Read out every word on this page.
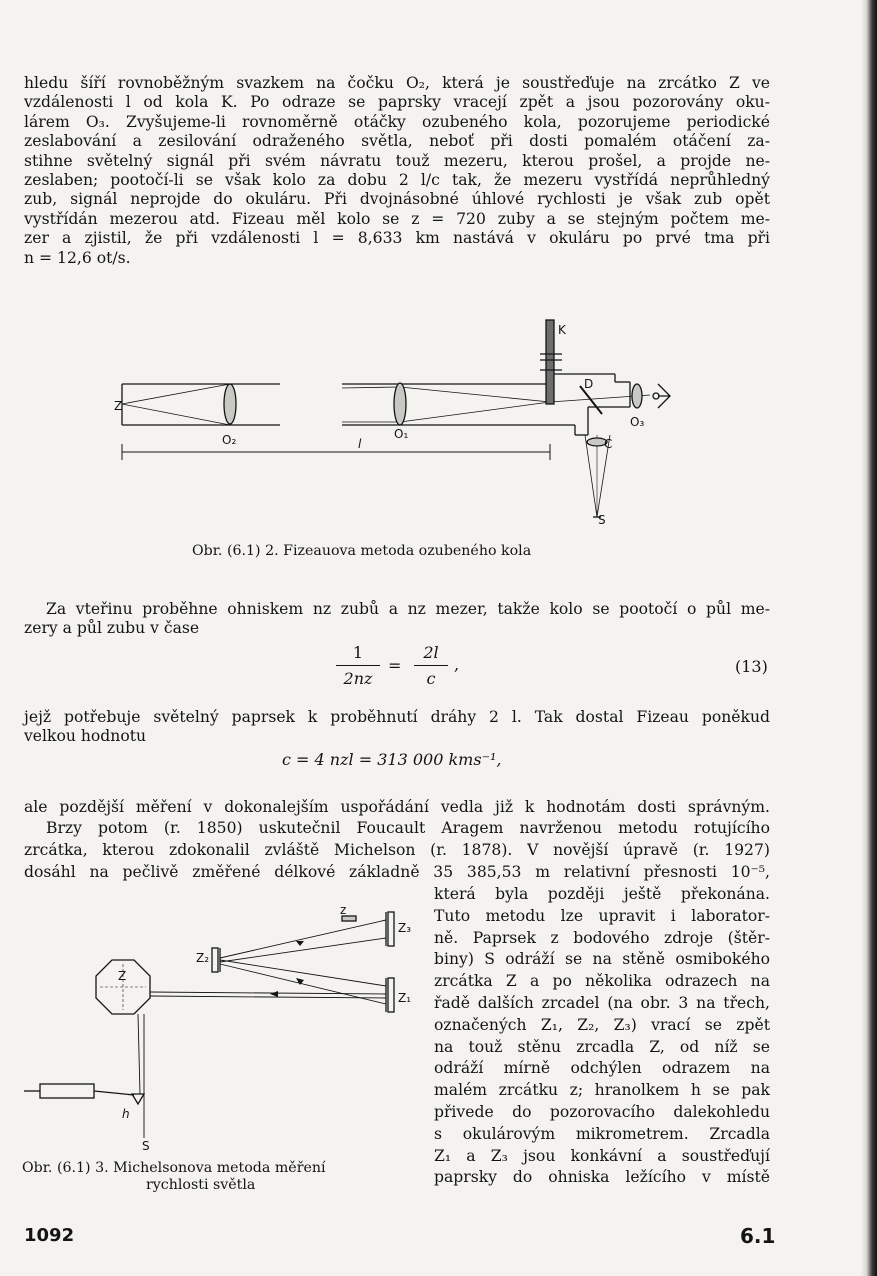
hledu šíří rovnoběžným svazkem na čočku O₂, která je soustřeďuje na zrcátko Z ve
vzdálenosti l od kola K. Po odraze se paprsky vracejí zpět a jsou pozorovány oku-
lárem O₃. Zvyšujeme-li rovnoměrně otáčky ozubeného kola, pozorujeme periodické
zeslabování a zesilování odraženého světla, neboť při dosti pomalém otáčení za-
stihne světelný signál při svém návratu touž mezeru, kterou prošel, a projde ne-
zeslaben; pootočí-li se však kolo za dobu 2 l/c tak, že mezeru vystřídá neprůhledný
zub, signál neprojde do okuláru. Při dvojnásobné úhlové rychlosti je však zub opět
vystřídán mezerou atd. Fizeau měl kolo se z = 720 zuby a se stejným počtem me-
zer a zjistil, že při vzdálenosti l = 8,633 km nastává v okuláru po prvé tma při
n = 12,6 ot/s.
Z
O₂	l
O₁
K
D
O₃
C
S
Obr. (6.1) 2. Fizeauova metoda ozubeného kola
Za vteřinu proběhne ohniskem nz zubů a nz mezer, takže kolo se pootočí o půl me-
zery a půl zubu v čase
1
2nz
=
2l
c
,	(13)
jejž potřebuje světelný paprsek k proběhnutí dráhy 2 l. Tak dostal Fizeau poněkud
velkou hodnotu
c = 4 nzl = 313 000 kms⁻¹,
ale pozdější měření v dokonalejším uspořádání vedla již k hodnotám dosti správným.
Brzy potom (r. 1850) uskutečnil Foucault Aragem navrženou metodu rotujícího
zrcátka, kterou zdokonalil zvláště Michelson (r. 1878). V novější úpravě (r. 1927)
dosáhl na pečlivě změřené délkové základně 35 385,53 m relativní přesnosti 10⁻⁵,
která byla později ještě překonána.
Tuto metodu lze upravit i laborator-
ně. Paprsek z bodového zdroje (štěr-
biny) S odráží se na stěně osmibokého
zrcátka Z a po několika odrazech na
řadě dalších zrcadel (na obr. 3 na třech,
označených Z₁, Z₂, Z₃) vrací se zpět
na touž stěnu zrcadla Z, od níž se
odráží mírně odchýlen odrazem na
malém zrcátku z; hranolkem h se pak
přivede do pozorovacího dalekohledu
s okulárovým mikrometrem. Zrcadla
Z₁ a Z₃ jsou konkávní a soustřeďují
paprsky do ohniska ležícího v místě
Z
z
Z₃
Z₂
Z₁
h
S
Obr. (6.1) 3. Michelsonova metoda měření
rychlosti světla
1092	6.1
